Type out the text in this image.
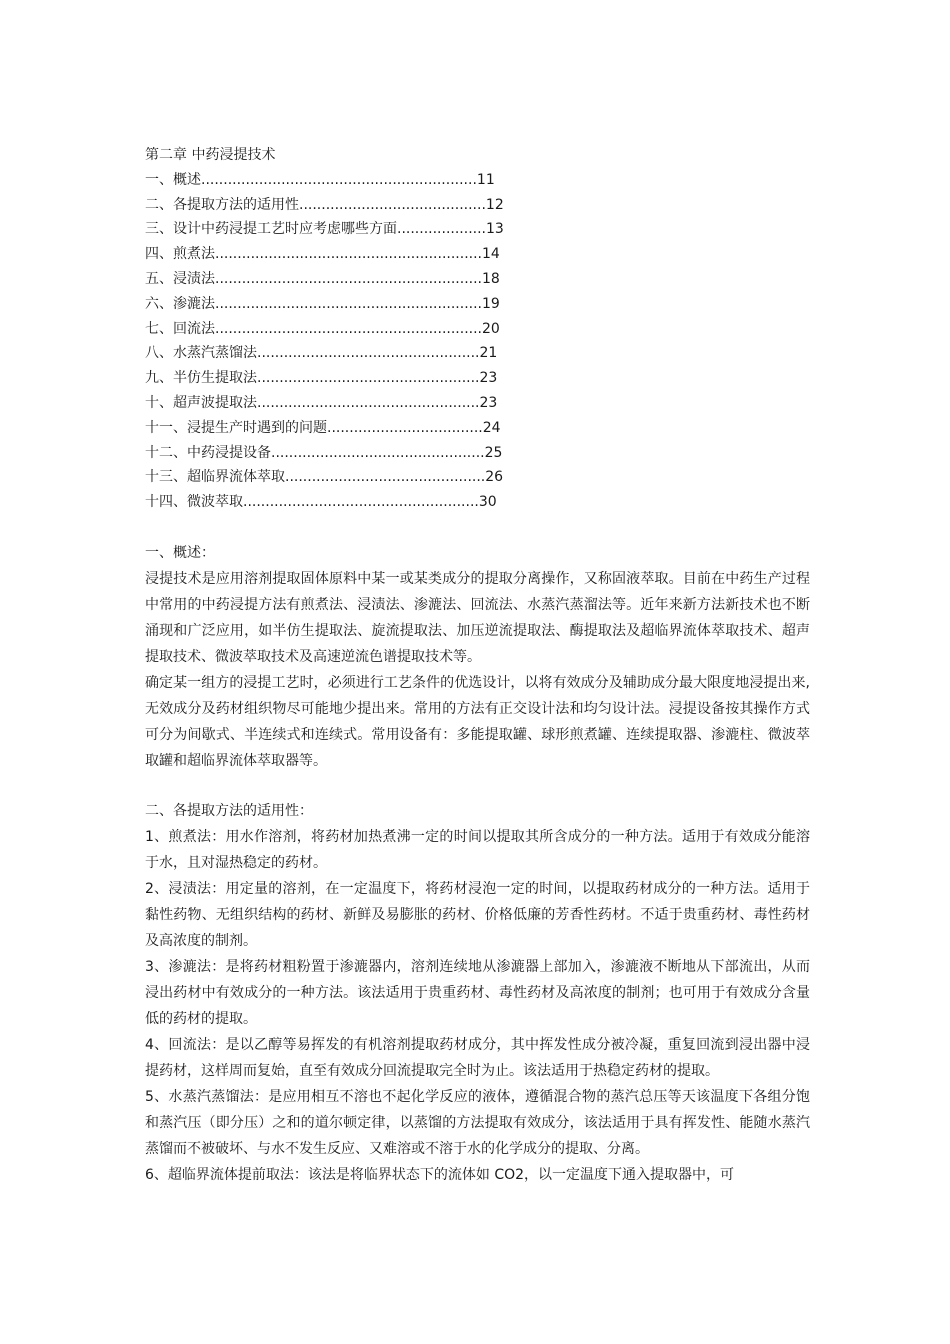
第二章 中药浸提技术
一、概述..............................................................11
二、各提取方法的适用性..........................................12
三、设计中药浸提工艺时应考虑哪些方面....................13
四、煎煮法............................................................14
五、浸渍法............................................................18
六、渗漉法............................................................19
七、回流法............................................................20
八、水蒸汽蒸馏法..................................................21
九、半仿生提取法..................................................23
十、超声波提取法..................................................23
十一、浸提生产时遇到的问题...................................24
十二、中药浸提设备................................................25
十三、超临界流体萃取.............................................26
十四、微波萃取.....................................................30
一、概述：

浸提技术是应用溶剂提取固体原料中某一或某类成分的提取分离操作，又称固液萃取。目前在中药生产过程中常用的中药浸提方法有煎煮法、浸渍法、渗漉法、回流法、水蒸汽蒸溜法等。近年来新方法新技术也不断涌现和广泛应用，如半仿生提取法、旋流提取法、加压逆流提取法、酶提取法及超临界流体萃取技术、超声提取技术、微波萃取技术及高速逆流色谱提取技术等。

确定某一组方的浸提工艺时，必须进行工艺条件的优选设计，以将有效成分及辅助成分最大限度地浸提出来,无效成分及药材组织物尽可能地少提出来。常用的方法有正交设计法和均匀设计法。浸提设备按其操作方式可分为间歇式、半连续式和连续式。常用设备有：多能提取罐、球形煎煮罐、连续提取器、渗漉柱、微波萃取罐和超临界流体萃取器等。

二、各提取方法的适用性：

1、煎煮法：用水作溶剂，将药材加热煮沸一定的时间以提取其所含成分的一种方法。适用于有效成分能溶于水，且对湿热稳定的药材。

2、浸渍法：用定量的溶剂，在一定温度下，将药材浸泡一定的时间，以提取药材成分的一种方法。适用于黏性药物、无组织结构的药材、新鲜及易膨胀的药材、价格低廉的芳香性药材。不适于贵重药材、毒性药材及高浓度的制剂。

3、渗漉法：是将药材粗粉置于渗漉器内，溶剂连续地从渗漉器上部加入，渗漉液不断地从下部流出，从而浸出药材中有效成分的一种方法。该法适用于贵重药材、毒性药材及高浓度的制剂；也可用于有效成分含量低的药材的提取。

4、回流法：是以乙醇等易挥发的有机溶剂提取药材成分，其中挥发性成分被冷凝，重复回流到浸出器中浸提药材，这样周而复始，直至有效成分回流提取完全时为止。该法适用于热稳定药材的提取。

5、水蒸汽蒸馏法：是应用相互不溶也不起化学反应的液体，遵循混合物的蒸汽总压等天该温度下各组分饱和蒸汽压（即分压）之和的道尔顿定律，以蒸馏的方法提取有效成分，该法适用于具有挥发性、能随水蒸汽蒸馏而不被破坏、与水不发生反应、又难溶或不溶于水的化学成分的提取、分离。

6、超临界流体提前取法：该法是将临界状态下的流体如 CO2，以一定温度下通入提取器中，可
